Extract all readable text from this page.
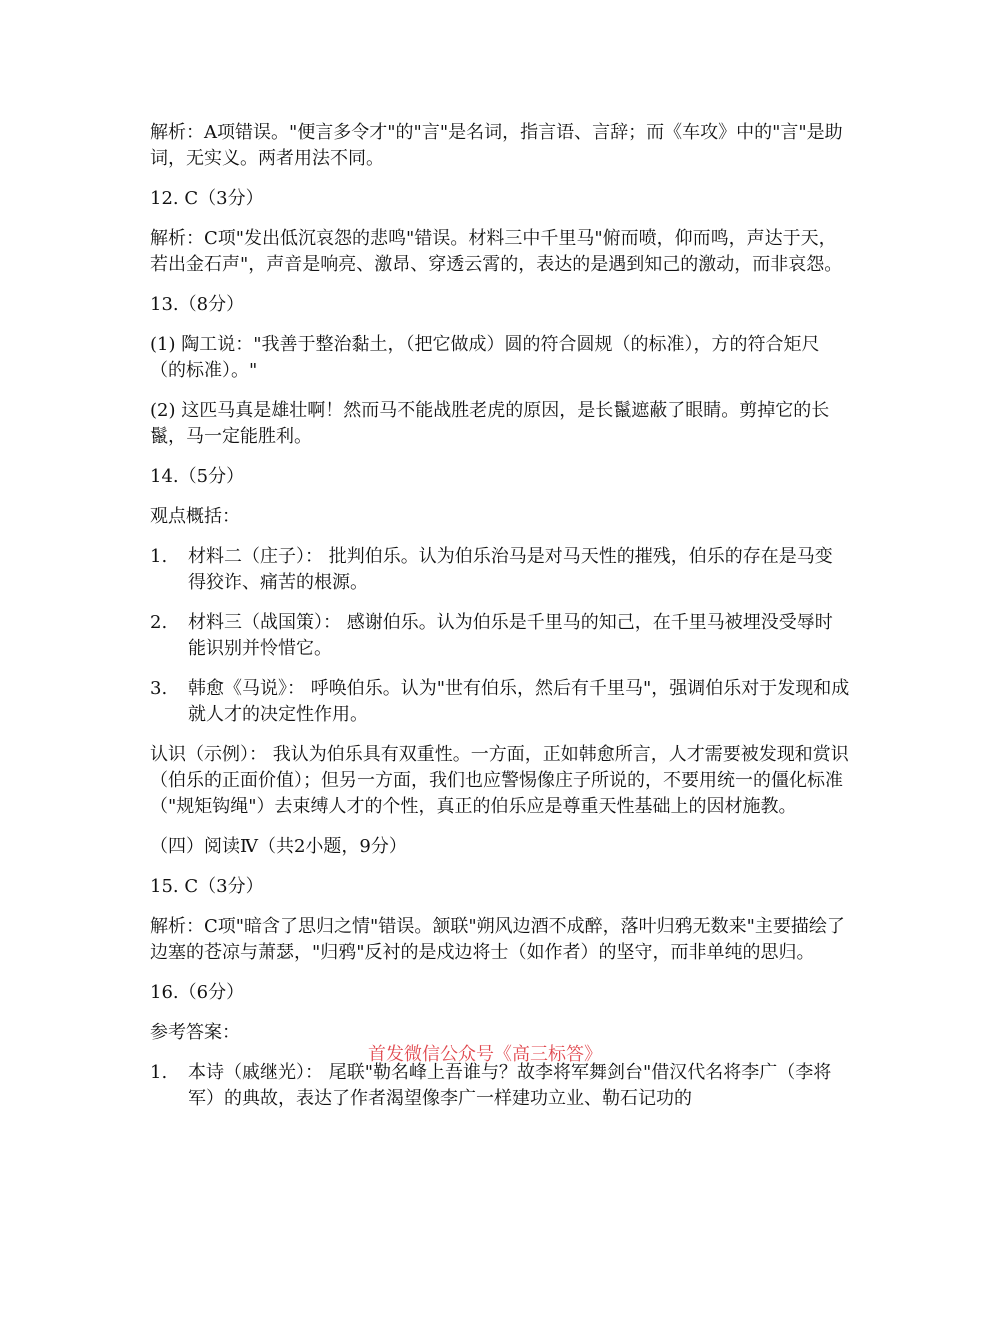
解析：A项错误。"便言多令才"的"言"是名词，指言语、言辞；而《车攻》中的"言"是助词，无实义。两者用法不同。

12. C（3分）

解析：C项"发出低沉哀怨的悲鸣"错误。材料三中千里马"俯而喷，仰而鸣，声达于天，若出金石声"，声音是响亮、激昂、穿透云霄的，表达的是遇到知己的激动，而非哀怨。

13.（8分）

(1) 陶工说："我善于整治黏土，（把它做成）圆的符合圆规（的标准），方的符合矩尺（的标准）。"

(2) 这匹马真是雄壮啊！然而马不能战胜老虎的原因，是长鬣遮蔽了眼睛。剪掉它的长鬣，马一定能胜利。

14.（5分）

观点概括：

1.	材料二（庄子）： 批判伯乐。认为伯乐治马是对马天性的摧残，伯乐的存在是马变得狡诈、痛苦的根源。
2.	材料三（战国策）： 感谢伯乐。认为伯乐是千里马的知己，在千里马被埋没受辱时能识别并怜惜它。
3.	韩愈《马说》： 呼唤伯乐。认为"世有伯乐，然后有千里马"，强调伯乐对于发现和成就人才的决定性作用。

认识（示例）： 我认为伯乐具有双重性。一方面，正如韩愈所言，人才需要被发现和赏识（伯乐的正面价值）；但另一方面，我们也应警惕像庄子所说的，不要用统一的僵化标准（"规矩钩绳"）去束缚人才的个性，真正的伯乐应是尊重天性基础上的因材施教。

（四）阅读Ⅳ（共2小题，9分）

15. C（3分）

解析：C项"暗含了思归之情"错误。颔联"朔风边酒不成醉，落叶归鸦无数来"主要描绘了边塞的苍凉与萧瑟，"归鸦"反衬的是戍边将士（如作者）的坚守，而非单纯的思归。

16.（6分）

参考答案：

1.	本诗（戚继光）： 尾联"勒名峰上吾谁与？故李将军舞剑台"借汉代名将李广（李将军）的典故，表达了作者渴望像李广一样建功立业、勒石记功的
首发微信公众号《高三标答》
